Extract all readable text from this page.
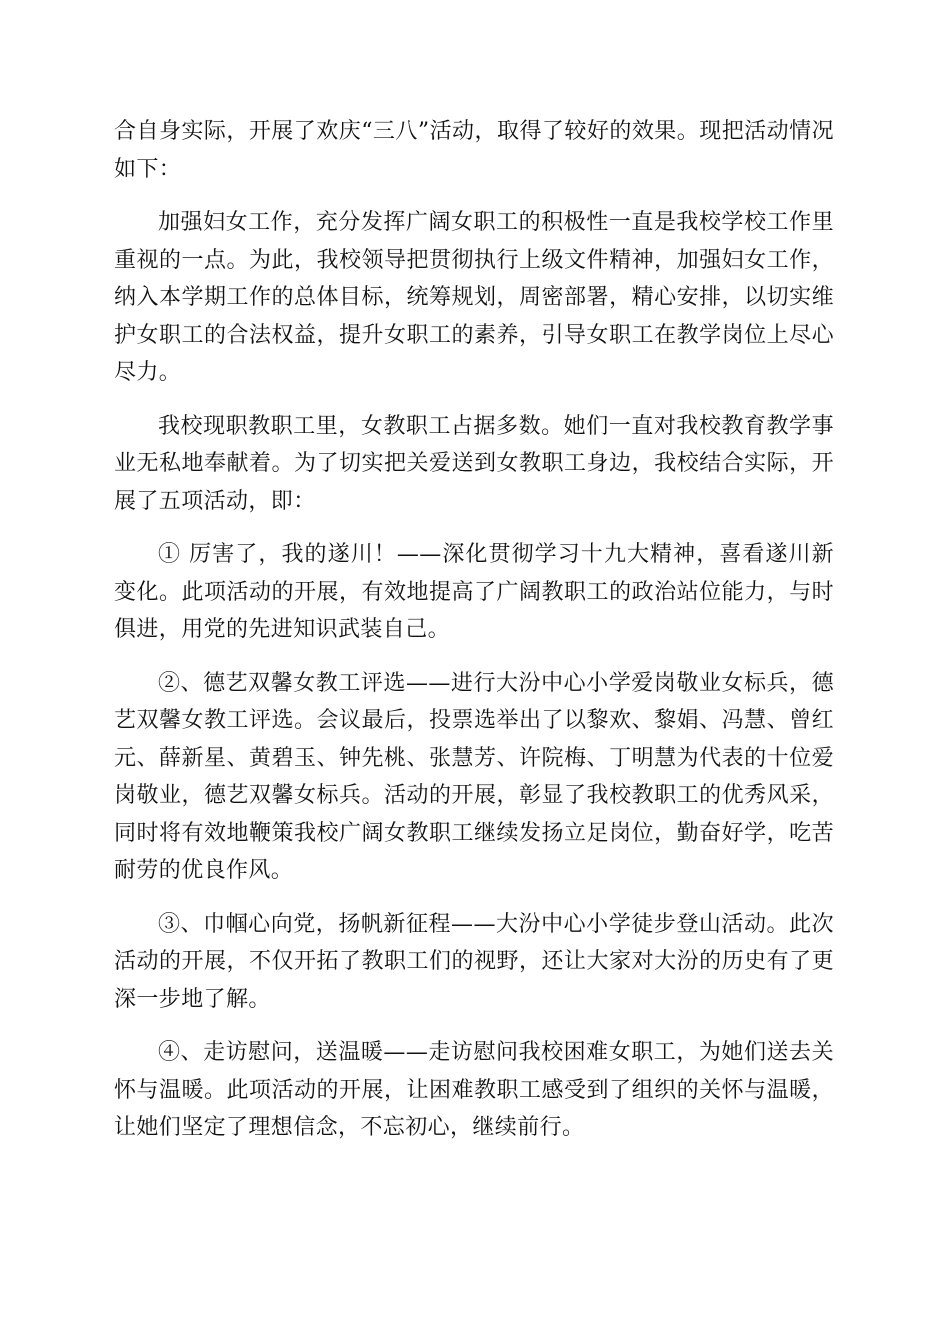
合自身实际，开展了欢庆“三八”活动，取得了较好的效果。现把活动情况如下：

加强妇女工作，充分发挥广阔女职工的积极性一直是我校学校工作里重视的一点。为此，我校领导把贯彻执行上级文件精神，加强妇女工作，纳入本学期工作的总体目标，统筹规划，周密部署，精心安排，以切实维护女职工的合法权益，提升女职工的素养，引导女职工在教学岗位上尽心尽力。

我校现职教职工里，女教职工占据多数。她们一直对我校教育教学事业无私地奉献着。为了切实把关爱送到女教职工身边，我校结合实际，开展了五项活动，即：

① 厉害了，我的遂川！——深化贯彻学习十九大精神，喜看遂川新变化。此项活动的开展，有效地提高了广阔教职工的政治站位能力，与时俱进，用党的先进知识武装自己。

②、德艺双馨女教工评选——进行大汾中心小学爱岗敬业女标兵，德艺双馨女教工评选。会议最后，投票选举出了以黎欢、黎娟、冯慧、曾红元、薛新星、黄碧玉、钟先桃、张慧芳、许院梅、丁明慧为代表的十位爱岗敬业，德艺双馨女标兵。活动的开展，彰显了我校教职工的优秀风采，同时将有效地鞭策我校广阔女教职工继续发扬立足岗位，勤奋好学，吃苦耐劳的优良作风。

③、巾帼心向党，扬帆新征程——大汾中心小学徒步登山活动。此次活动的开展，不仅开拓了教职工们的视野，还让大家对大汾的历史有了更深一步地了解。

④、走访慰问，送温暖——走访慰问我校困难女职工，为她们送去关怀与温暖。此项活动的开展，让困难教职工感受到了组织的关怀与温暖，让她们坚定了理想信念，不忘初心，继续前行。
